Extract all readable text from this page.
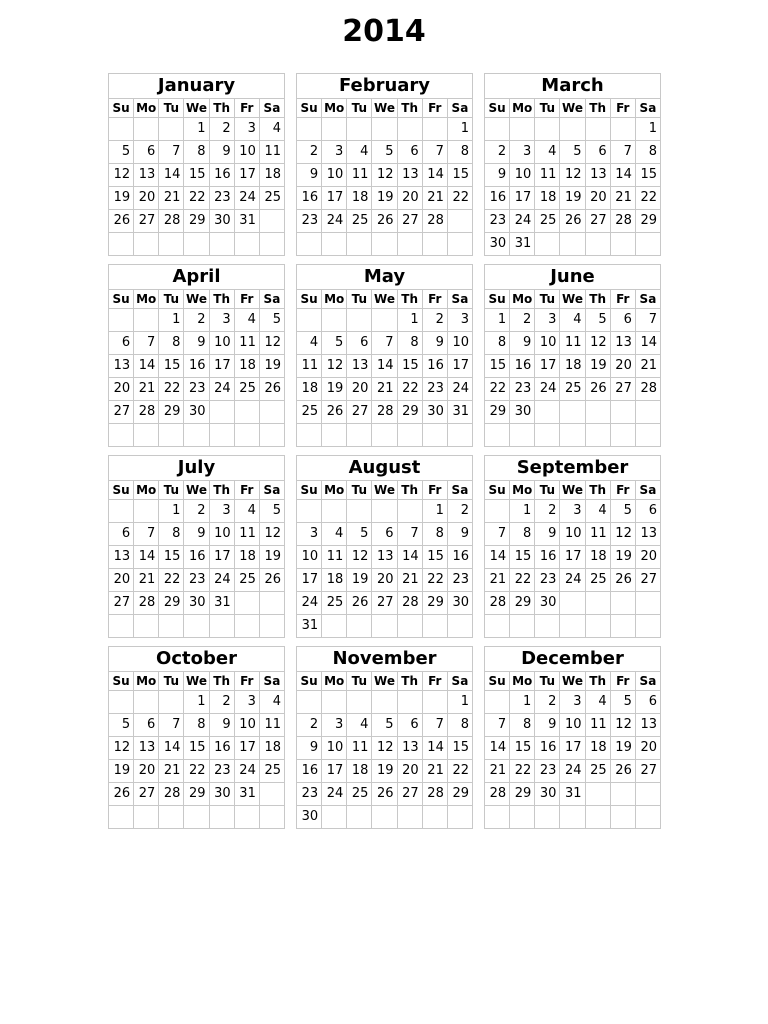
2014
January						
Su	Mo	Tu	We	Th	Fr	Sa
			1	2	3	4
5	6	7	8	9	10	11
12	13	14	15	16	17	18
19	20	21	22	23	24	25
26	27	28	29	30	31	

February						
Su	Mo	Tu	We	Th	Fr	Sa
						1
2	3	4	5	6	7	8
9	10	11	12	13	14	15
16	17	18	19	20	21	22
23	24	25	26	27	28	

March						
Su	Mo	Tu	We	Th	Fr	Sa
						1
2	3	4	5	6	7	8
9	10	11	12	13	14	15
16	17	18	19	20	21	22
23	24	25	26	27	28	29
30	31					
April						
Su	Mo	Tu	We	Th	Fr	Sa
		1	2	3	4	5
6	7	8	9	10	11	12
13	14	15	16	17	18	19
20	21	22	23	24	25	26
27	28	29	30			

May						
Su	Mo	Tu	We	Th	Fr	Sa
				1	2	3
4	5	6	7	8	9	10
11	12	13	14	15	16	17
18	19	20	21	22	23	24
25	26	27	28	29	30	31

June						
Su	Mo	Tu	We	Th	Fr	Sa
1	2	3	4	5	6	7
8	9	10	11	12	13	14
15	16	17	18	19	20	21
22	23	24	25	26	27	28
29	30					

July						
Su	Mo	Tu	We	Th	Fr	Sa
		1	2	3	4	5
6	7	8	9	10	11	12
13	14	15	16	17	18	19
20	21	22	23	24	25	26
27	28	29	30	31		

August						
Su	Mo	Tu	We	Th	Fr	Sa
					1	2
3	4	5	6	7	8	9
10	11	12	13	14	15	16
17	18	19	20	21	22	23
24	25	26	27	28	29	30
31						
September						
Su	Mo	Tu	We	Th	Fr	Sa
	1	2	3	4	5	6
7	8	9	10	11	12	13
14	15	16	17	18	19	20
21	22	23	24	25	26	27
28	29	30				

October						
Su	Mo	Tu	We	Th	Fr	Sa
			1	2	3	4
5	6	7	8	9	10	11
12	13	14	15	16	17	18
19	20	21	22	23	24	25
26	27	28	29	30	31	

November						
Su	Mo	Tu	We	Th	Fr	Sa
						1
2	3	4	5	6	7	8
9	10	11	12	13	14	15
16	17	18	19	20	21	22
23	24	25	26	27	28	29
30						
December						
Su	Mo	Tu	We	Th	Fr	Sa
	1	2	3	4	5	6
7	8	9	10	11	12	13
14	15	16	17	18	19	20
21	22	23	24	25	26	27
28	29	30	31			
